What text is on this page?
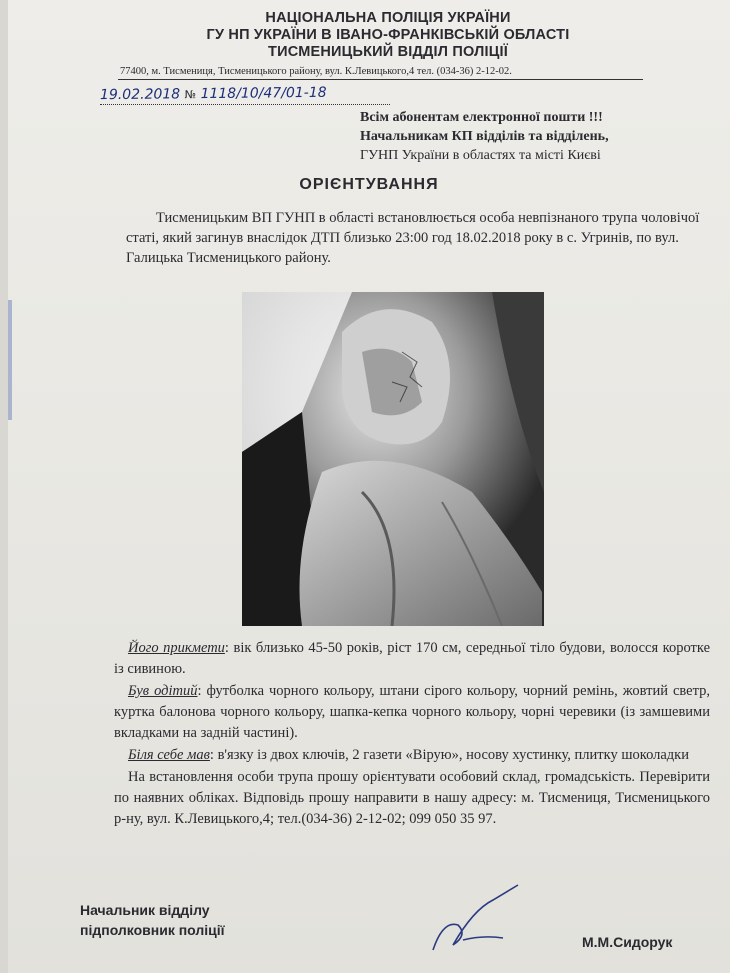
НАЦІОНАЛЬНА ПОЛІЦІЯ УКРАЇНИ
ГУ НП УКРАЇНИ В ІВАНО-ФРАНКІВСЬКІЙ ОБЛАСТІ
ТИСМЕНИЦЬКИЙ ВІДДІЛ ПОЛІЦІЇ
77400, м. Тисмениця, Тисменицького району, вул. К.Левицького,4 тел. (034-36) 2-12-02.
19.02.2018 № 1118/10/47/01-18
Всім абонентам електронної пошти !!!
Начальникам КП відділів та відділень,
ГУНП України в областях та місті Києві
ОРІЄНТУВАННЯ
Тисменицьким ВП ГУНП в області встановлюється особа невпізнаного трупа чоловічої статі, який загинув внаслідок ДТП близько 23:00 год 18.02.2018 року в с. Угринів, по вул. Галицька Тисменицького району.

Його прикмети: вік близько 45-50 років, ріст 170 см, середньої тіло будови, волосся коротке із сивиною.

Був одітий: футболка чорного кольору, штани сірого кольору, чорний ремінь, жовтий светр, куртка балонова чорного кольору, шапка-кепка чорного кольору, чорні черевики (із замшевими вкладками на задній частині).

Біля себе мав: в'язку із двох ключів, 2 газети «Вірую», носову хустинку, плитку шоколадки

На встановлення особи трупа прошу орієнтувати особовий склад, громадськість. Перевірити по наявних обліках. Відповідь прошу направити в нашу адресу: м. Тисмениця, Тисменицького р-ну, вул. К.Левицького,4; тел.(034-36) 2-12-02; 099 050 35 97.

Начальник відділу
підполковник поліції
М.М.Сидорук
